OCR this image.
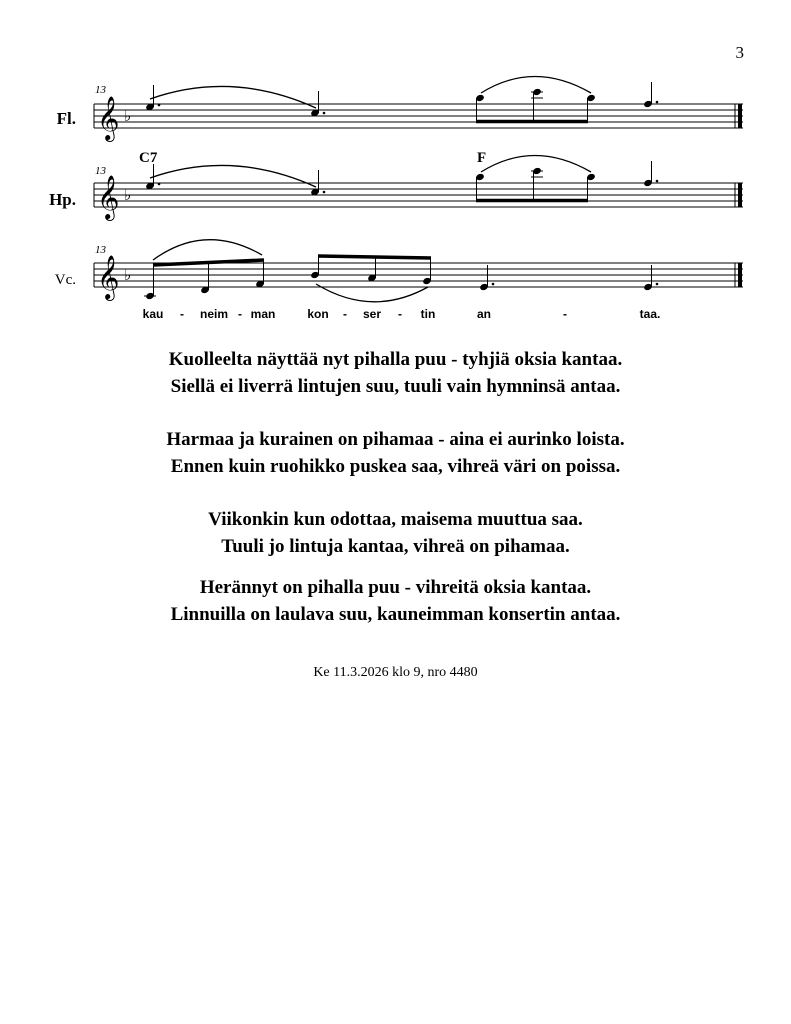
3
Fl.
Hp.
Vc.
13
13
13
C7	F
𝄞 ♭
𝄞 ♭
𝄞 ♭
kau - neim - man	kon - ser - tin	an	-	taa.

Kuolleelta näyttää nyt pihalla puu - tyhjiä oksia kantaa.

Siellä ei liverrä lintujen suu, tuuli vain hymninsä antaa.

Harmaa ja kurainen on pihamaa - aina ei aurinko loista.

Ennen kuin ruohikko puskea saa, vihreä väri on poissa.

Viikonkin kun odottaa, maisema muuttua saa.

Tuuli jo lintuja kantaa, vihreä on pihamaa.

Herännyt on pihalla puu - vihreitä oksia kantaa.

Linnuilla on laulava suu, kauneimman konsertin antaa.

Ke 11.3.2026 klo 9, nro 4480
